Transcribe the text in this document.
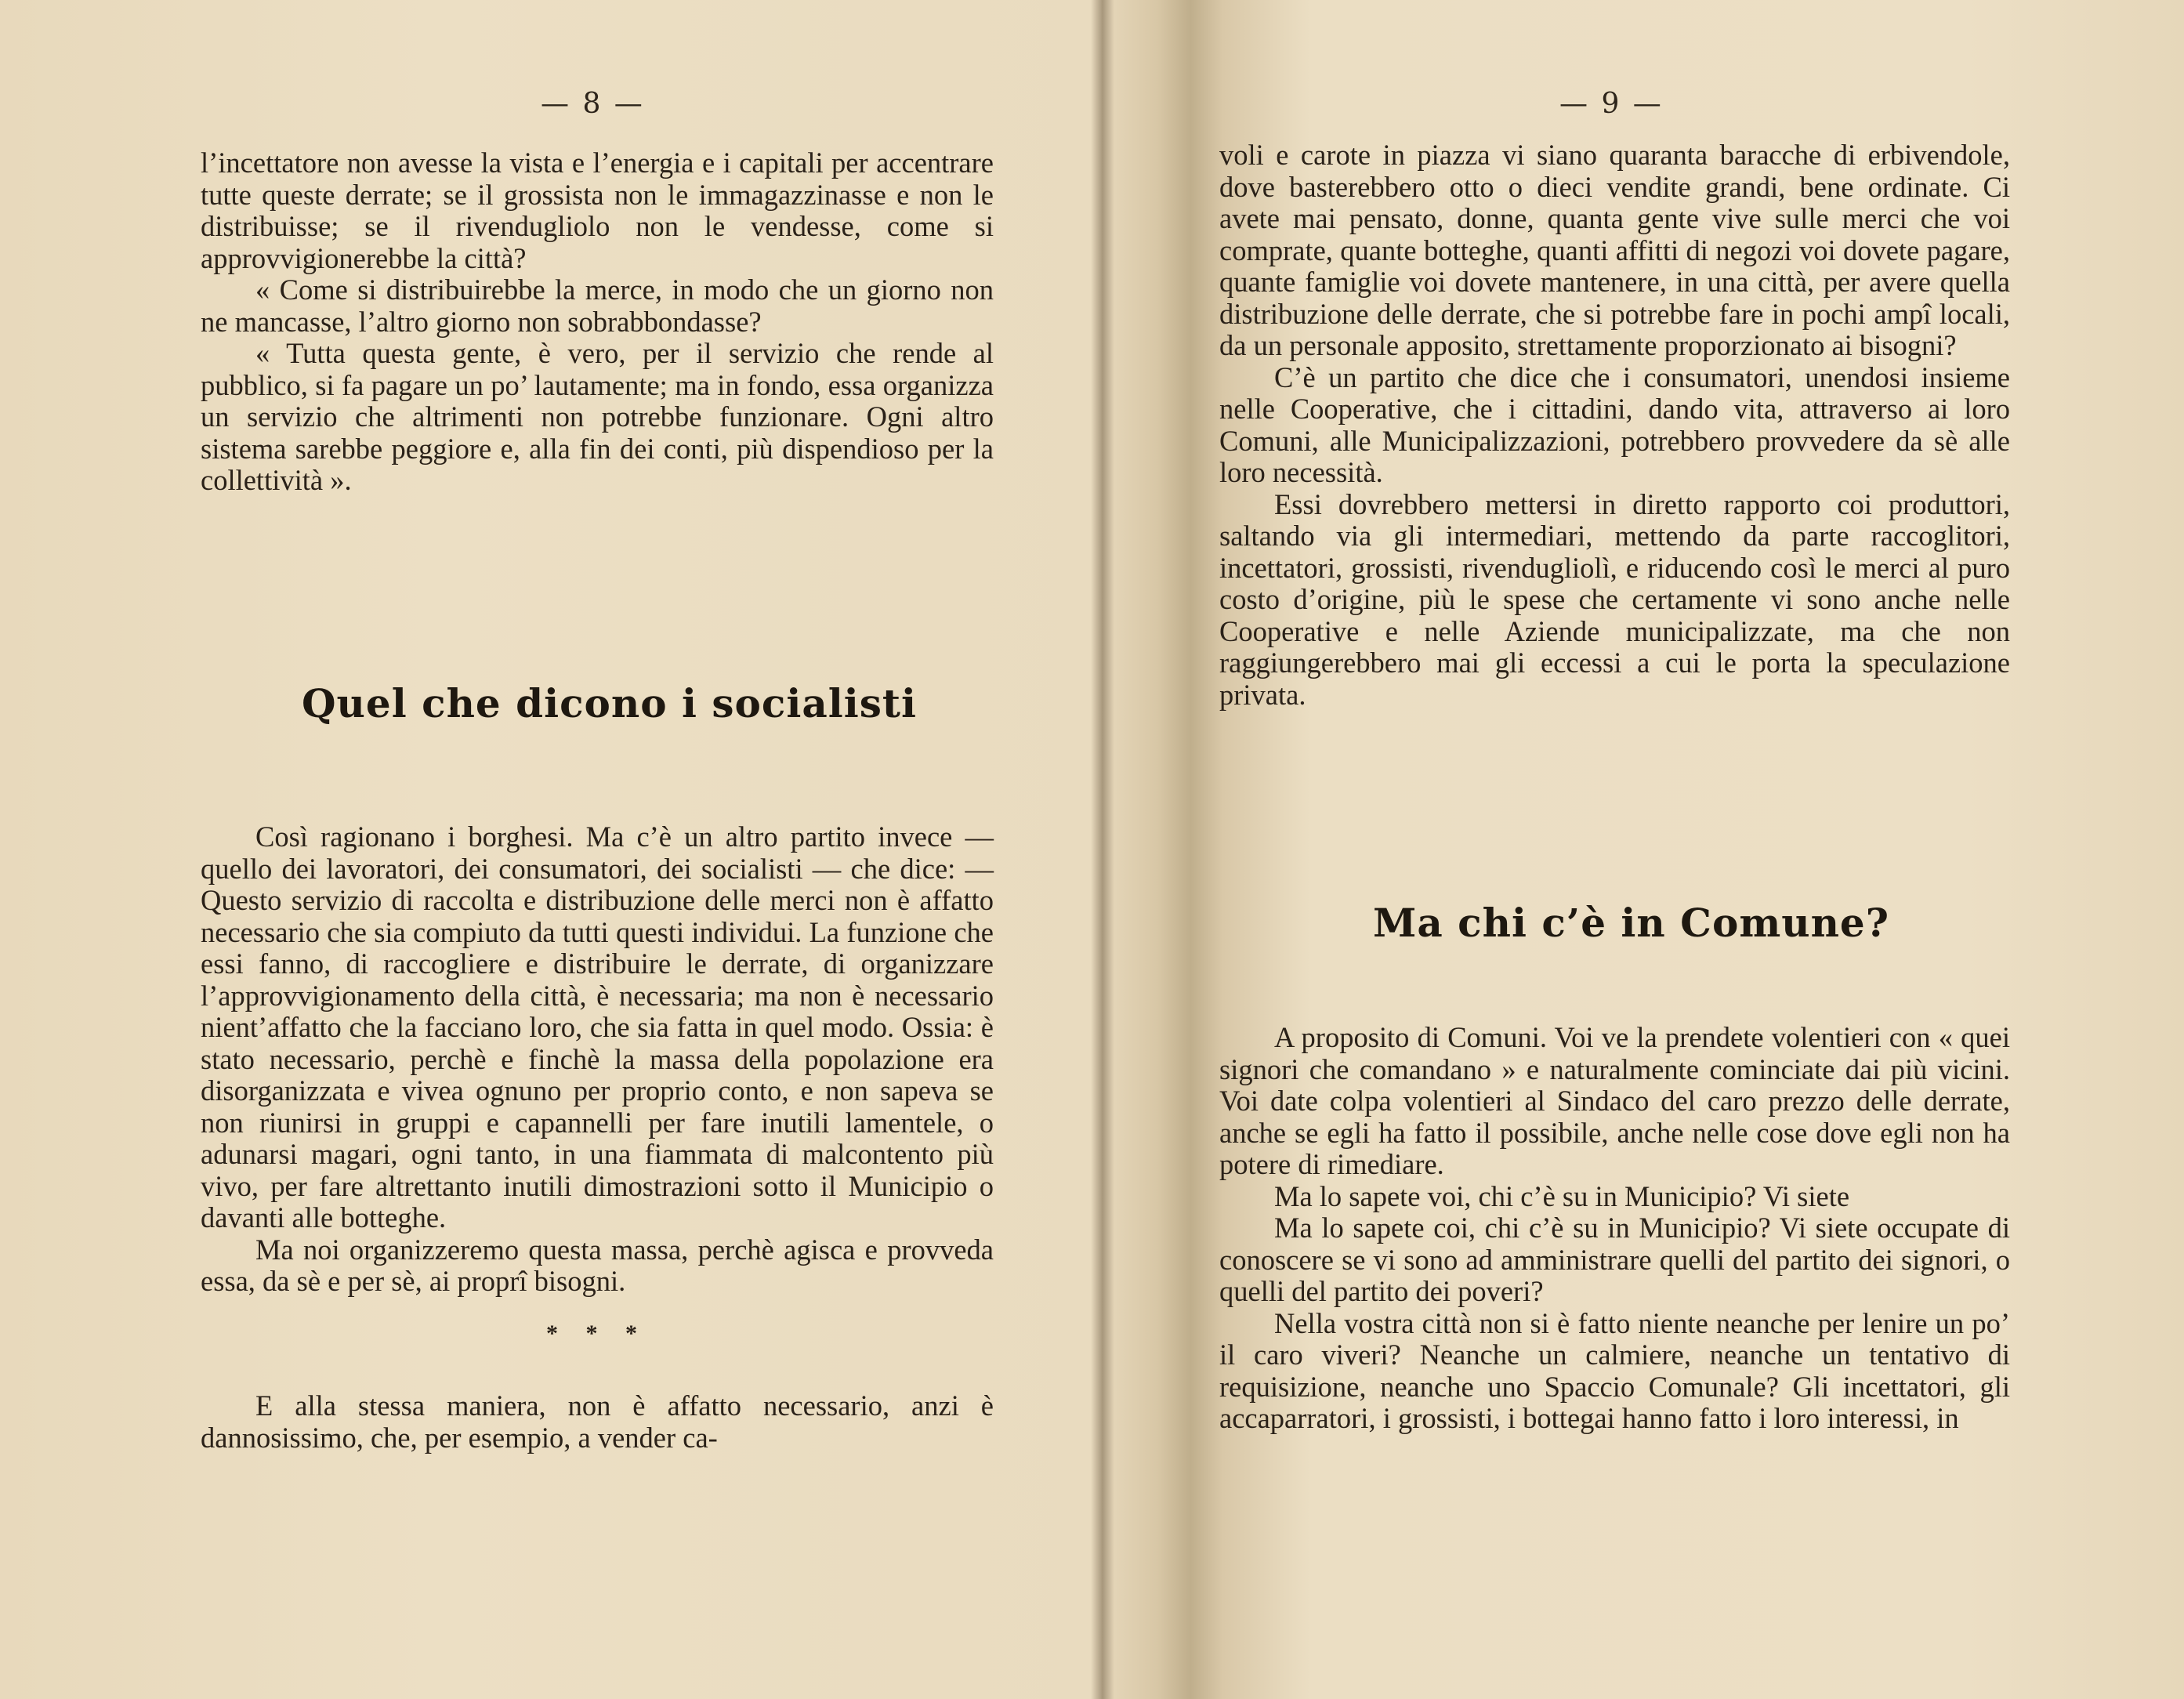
— 8 —

l’incettatore non avesse la vista e l’energia e i capitali per accentrare tutte queste derrate; se il grossista non le immagazzinasse e non le distribuisse; se il rivendugliolo non le vendesse, come si approvvigionerebbe la città?

« Come si distribuirebbe la merce, in modo che un giorno non ne mancasse, l’altro giorno non sobrabbondasse?

« Tutta questa gente, è vero, per il servizio che rende al pubblico, si fa pagare un po’ lautamente; ma in fondo, essa organizza un servizio che altrimenti non potrebbe funzionare. Ogni altro sistema sarebbe peggiore e, alla fin dei conti, più dispendioso per la collettività ».

Quel che dicono i socialisti

Così ragionano i borghesi. Ma c’è un altro partito invece — quello dei lavoratori, dei consumatori, dei socialisti — che dice: — Questo servizio di raccolta e distribuzione delle merci non è affatto necessario che sia compiuto da tutti questi individui. La funzione che essi fanno, di raccogliere e distribuire le derrate, di organizzare l’approvvigionamento della città, è necessaria; ma non è necessario nient’affatto che la facciano loro, che sia fatta in quel modo. Ossia: è stato necessario, perchè e finchè la massa della popolazione era disorganizzata e vivea ognuno per proprio conto, e non sapeva se non riunirsi in gruppi e capannelli per fare inutili lamentele, o adunarsi magari, ogni tanto, in una fiammata di malcontento più vivo, per fare altrettanto inutili dimostrazioni sotto il Municipio o davanti alle botteghe.

Ma noi organizzeremo questa massa, perchè agisca e provveda essa, da sè e per sè, ai proprî bisogni.

* * *

E alla stessa maniera, non è affatto necessario, anzi è dannosissimo, che, per esempio, a vender ca-

— 9 —

voli e carote in piazza vi siano quaranta baracche di erbivendole, dove basterebbero otto o dieci vendite grandi, bene ordinate. Ci avete mai pensato, donne, quanta gente vive sulle merci che voi comprate, quante botteghe, quanti affitti di negozi voi dovete pagare, quante famiglie voi dovete mantenere, in una città, per avere quella distribuzione delle derrate, che si potrebbe fare in pochi ampî locali, da un personale apposito, strettamente proporzionato ai bisogni?

C’è un partito che dice che i consumatori, unendosi insieme nelle Cooperative, che i cittadini, dando vita, attraverso ai loro Comuni, alle Municipalizzazioni, potrebbero provvedere da sè alle loro necessità.

Essi dovrebbero mettersi in diretto rapporto coi produttori, saltando via gli intermediari, mettendo da parte raccoglitori, incettatori, grossisti, rivendugliolì, e riducendo così le merci al puro costo d’origine, più le spese che certamente vi sono anche nelle Cooperative e nelle Aziende municipalizzate, ma che non raggiungerebbero mai gli eccessi a cui le porta la speculazione privata.

Ma chi c’è in Comune?

A proposito di Comuni. Voi ve la prendete volentieri con « quei signori che comandano » e naturalmente cominciate dai più vicini. Voi date colpa volentieri al Sindaco del caro prezzo delle derrate, anche se egli ha fatto il possibile, anche nelle cose dove egli non ha potere di rimediare.

Ma lo sapete voi, chi c’è su in Municipio? Vi siete

Ma lo sapete coi, chi c’è su in Municipio? Vi siete occupate di conoscere se vi sono ad amministrare quelli del partito dei signori, o quelli del partito dei poveri?

Nella vostra città non si è fatto niente neanche per lenire un po’ il caro viveri? Neanche un calmiere, neanche un tentativo di requisizione, neanche uno Spaccio Comunale? Gli incettatori, gli accaparratori, i grossisti, i bottegai hanno fatto i loro interessi, in
